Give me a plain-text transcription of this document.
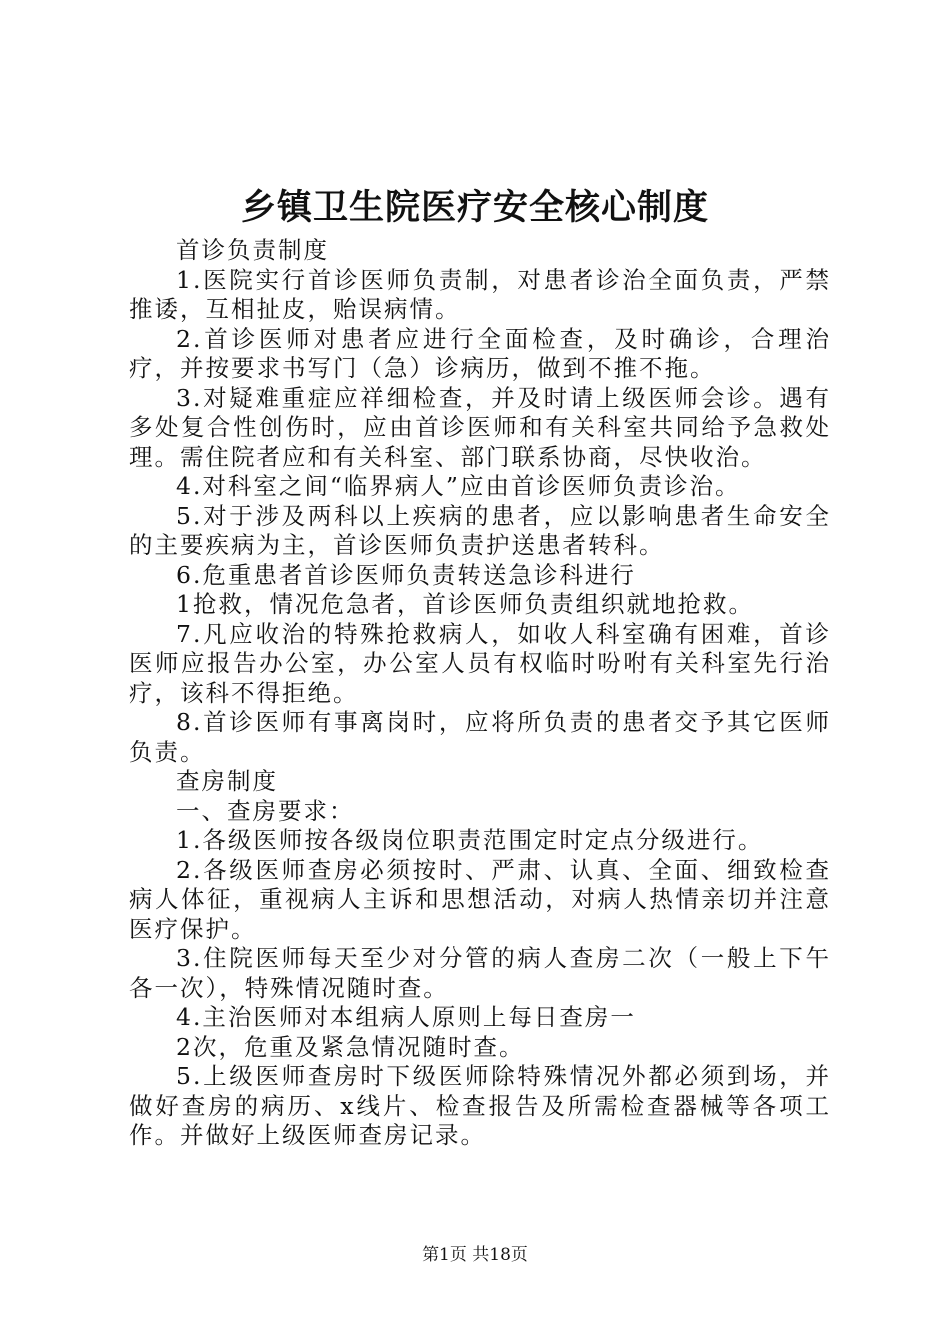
乡镇卫生院医疗安全核心制度

首诊负责制度

1.医院实行首诊医师负责制，对患者诊治全面负责，严禁推诿，互相扯皮，贻误病情。

2.首诊医师对患者应进行全面检查，及时确诊，合理治疗，并按要求书写门（急）诊病历，做到不推不拖。

3.对疑难重症应祥细检查，并及时请上级医师会诊。遇有多处复合性创伤时，应由首诊医师和有关科室共同给予急救处理。需住院者应和有关科室、部门联系协商，尽快收治。

4.对科室之间“临界病人”应由首诊医师负责诊治。

5.对于涉及两科以上疾病的患者，应以影响患者生命安全的主要疾病为主，首诊医师负责护送患者转科。

6.危重患者首诊医师负责转送急诊科进行

1抢救，情况危急者，首诊医师负责组织就地抢救。

7.凡应收治的特殊抢救病人，如收人科室确有困难，首诊医师应报告办公室，办公室人员有权临时吩咐有关科室先行治疗，该科不得拒绝。

8.首诊医师有事离岗时，应将所负责的患者交予其它医师负责。

查房制度

一、查房要求：

1.各级医师按各级岗位职责范围定时定点分级进行。

2.各级医师查房必须按时、严肃、认真、全面、细致检查病人体征，重视病人主诉和思想活动，对病人热情亲切并注意医疗保护。

3.住院医师每天至少对分管的病人查房二次（一般上下午各一次），特殊情况随时查。

4.主治医师对本组病人原则上每日查房一

2次，危重及紧急情况随时查。

5.上级医师查房时下级医师除特殊情况外都必须到场，并做好查房的病历、x线片、检查报告及所需检查器械等各项工作。并做好上级医师查房记录。

第1页 共18页
